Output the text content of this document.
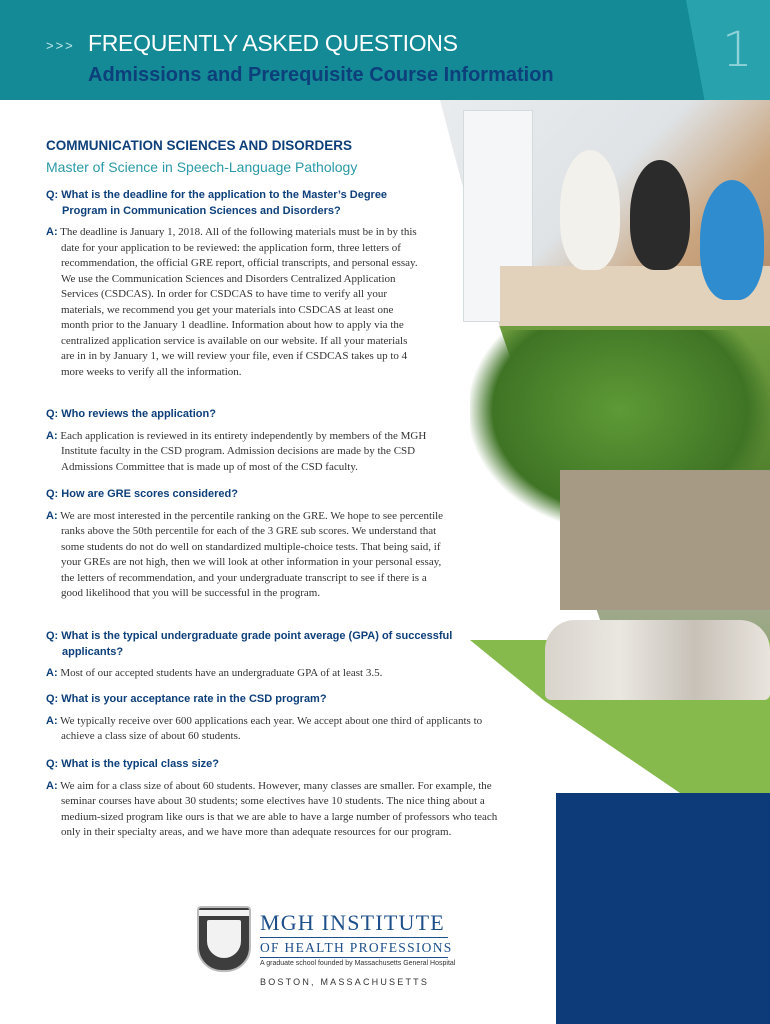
1
>>> FREQUENTLY ASKED QUESTIONS
Admissions and Prerequisite Course Information
COMMUNICATION SCIENCES AND DISORDERS
Master of Science in Speech-Language Pathology
Q: What is the deadline for the application to the Master’s Degree Program in Communication Sciences and Disorders?
A: The deadline is January 1, 2018. All of the following materials must be in by this date for your application to be reviewed: the application form, three letters of recommendation, the official GRE report, official transcripts, and personal essay. We use the Communication Sciences and Disorders Centralized Application Services (CSDCAS). In order for CSDCAS to have time to verify all your materials, we recommend you get your materials into CSDCAS at least one month prior to the January 1 deadline. Information about how to apply via the centralized application service is available on our website. If all your materials are in in by January 1, we will review your file, even if CSDCAS takes up to 4 more weeks to verify all the information.
Q: Who reviews the application?
A: Each application is reviewed in its entirety independently by members of the MGH Institute faculty in the CSD program. Admission decisions are made by the CSD Admissions Committee that is made up of most of the CSD faculty.
Q: How are GRE scores considered?
A: We are most interested in the percentile ranking on the GRE. We hope to see percentile ranks above the 50th percentile for each of the 3 GRE sub scores. We understand that some students do not do well on standardized multiple-choice tests. That being said, if your GREs are not high, then we will look at other information in your personal essay, the letters of recommendation, and your undergraduate transcript to see if there is a good likelihood that you will be successful in the program.
Q: What is the typical undergraduate grade point average (GPA) of successful applicants?
A: Most of our accepted students have an undergraduate GPA of at least 3.5.
Q: What is your acceptance rate in the CSD program?
A: We typically receive over 600 applications each year. We accept about one third of applicants to achieve a class size of about 60 students.
Q: What is the typical class size?
A: We aim for a class size of about 60 students. However, many classes are smaller. For example, the seminar courses have about 30 students; some electives have 10 students. The nice thing about a medium-sized program like ours is that we are able to have a large number of professors who teach only in their specialty areas, and we have more than adequate resources for our program.
MGH INSTITUTE
OF HEALTH PROFESSIONS
A graduate school founded by Massachusetts General Hospital
BOSTON, MASSACHUSETTS
